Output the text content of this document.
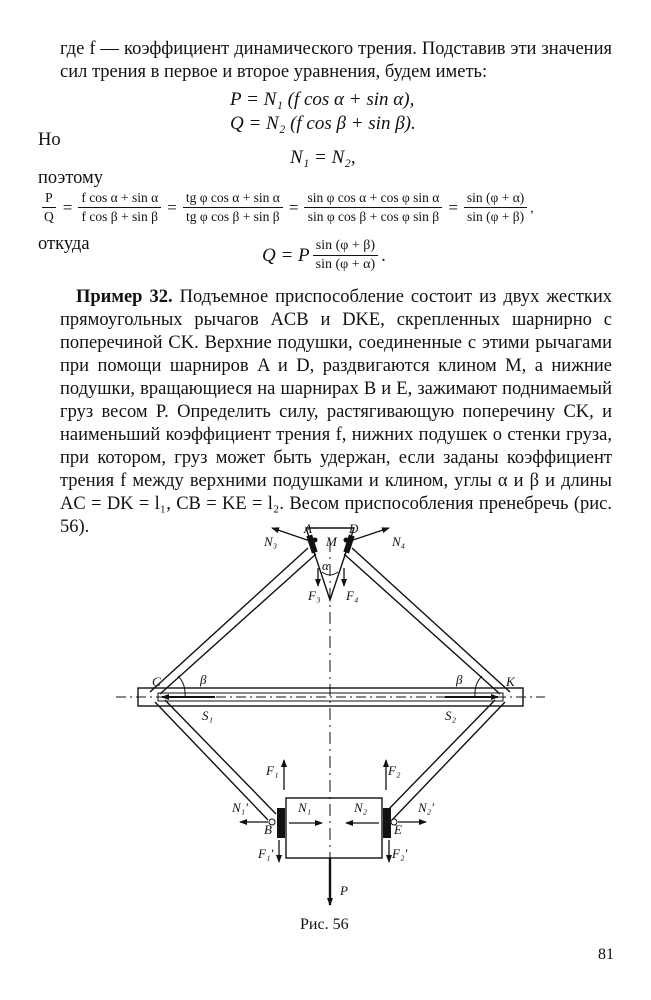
где f — коэффициент динамического трения. Подставив эти значения сил трения в первое и второе уравнения, будем иметь:
P = N₁ (f cos α + sin α),
Q = N₂ (f cos β + sin β).
Но
N₁ = N₂,
поэтому
$\frac{P}{Q} = \frac{\text{f cos α + sin α}}{\text{f cos β + sin β}} = \frac{\text{tg φ cos α + sin α}}{\text{tg φ cos β + sin β}} = \frac{\text{sin φ cos α + cos φ sin α}}{\text{sin φ cos β + cos φ sin β}} = \frac{\sin (\varphi + \alpha)}{\sin (\varphi + \beta)}$ ,
откуда
Q = P $\frac{\sin (\varphi + \beta)}{\sin (\varphi + \alpha)}$ .
Пример 32. Подъемное приспособление состоит из двух жестких прямоугольных рычагов ACB и DKE, скрепленных шарнирно с поперечиной CK. Верхние подушки, соединенные с этими рычагами при помощи шарниров A и D, раздвигаются клином M, а нижние подушки, вращающиеся на шарнирах B и E, зажимают поднимаемый груз весом P. Определить силу, растягивающую поперечину CK, и наименьший коэффициент трения f, нижних подушек о стенки груза, при котором, груз может быть удержан, если заданы коэффициент трения f между верхними подушками и клином, углы α и β и длины AC = DK = l₁, CB = KE = l₂. Весом приспособления пренебречь (рис. 56).	A	D
M
N₃	N₄
α
F₃ F₄
C	K
β	β
S₁	S₂
F₁	F₂
N₁	N₂
N₁′	N₂′
B	E
F₁′	F₂′
P
Рис. 56
81
